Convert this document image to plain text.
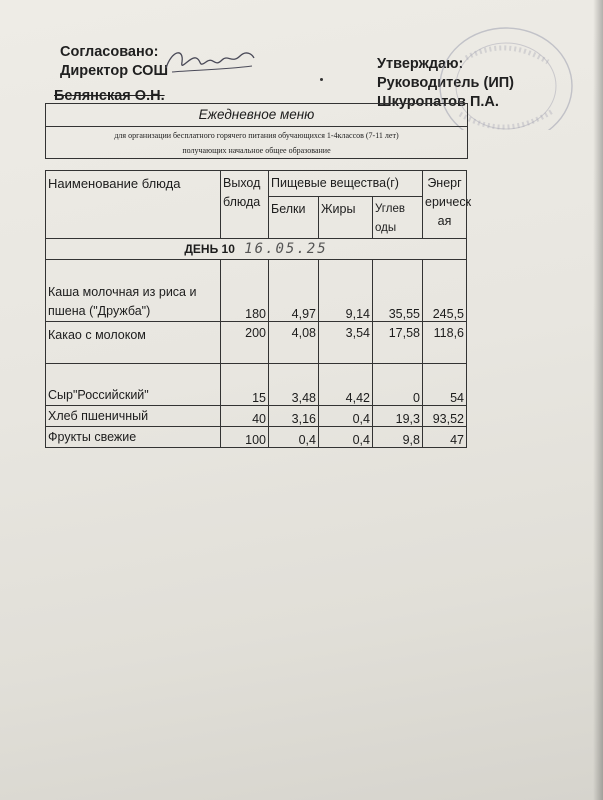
Согласовано:
Директор СОШ
Белянская О.Н.
Утверждаю:
Руководитель (ИП)
Шкуропатов П.А.
Ежедневное меню
для организации бесплатного горячего питания обучающихся 1-4классов (7-11 лет)
получающих начальное общее образование
Наименование блюда	Выход блюда	Пищевые вещества(г)			Энерг ерическ ая
		Белки	Жиры	Углев оды	
ДЕНЬ 10 16.05.25					
Каша молочная из риса и пшена ("Дружба")	180	4,97	9,14	35,55	245,5
Какао с молоком	200	4,08	3,54	17,58	118,6
Сыр"Российский"	15	3,48	4,42	0	54
Хлеб пшеничный	40	3,16	0,4	19,3	93,52
Фрукты свежие	100	0,4	0,4	9,8	47
